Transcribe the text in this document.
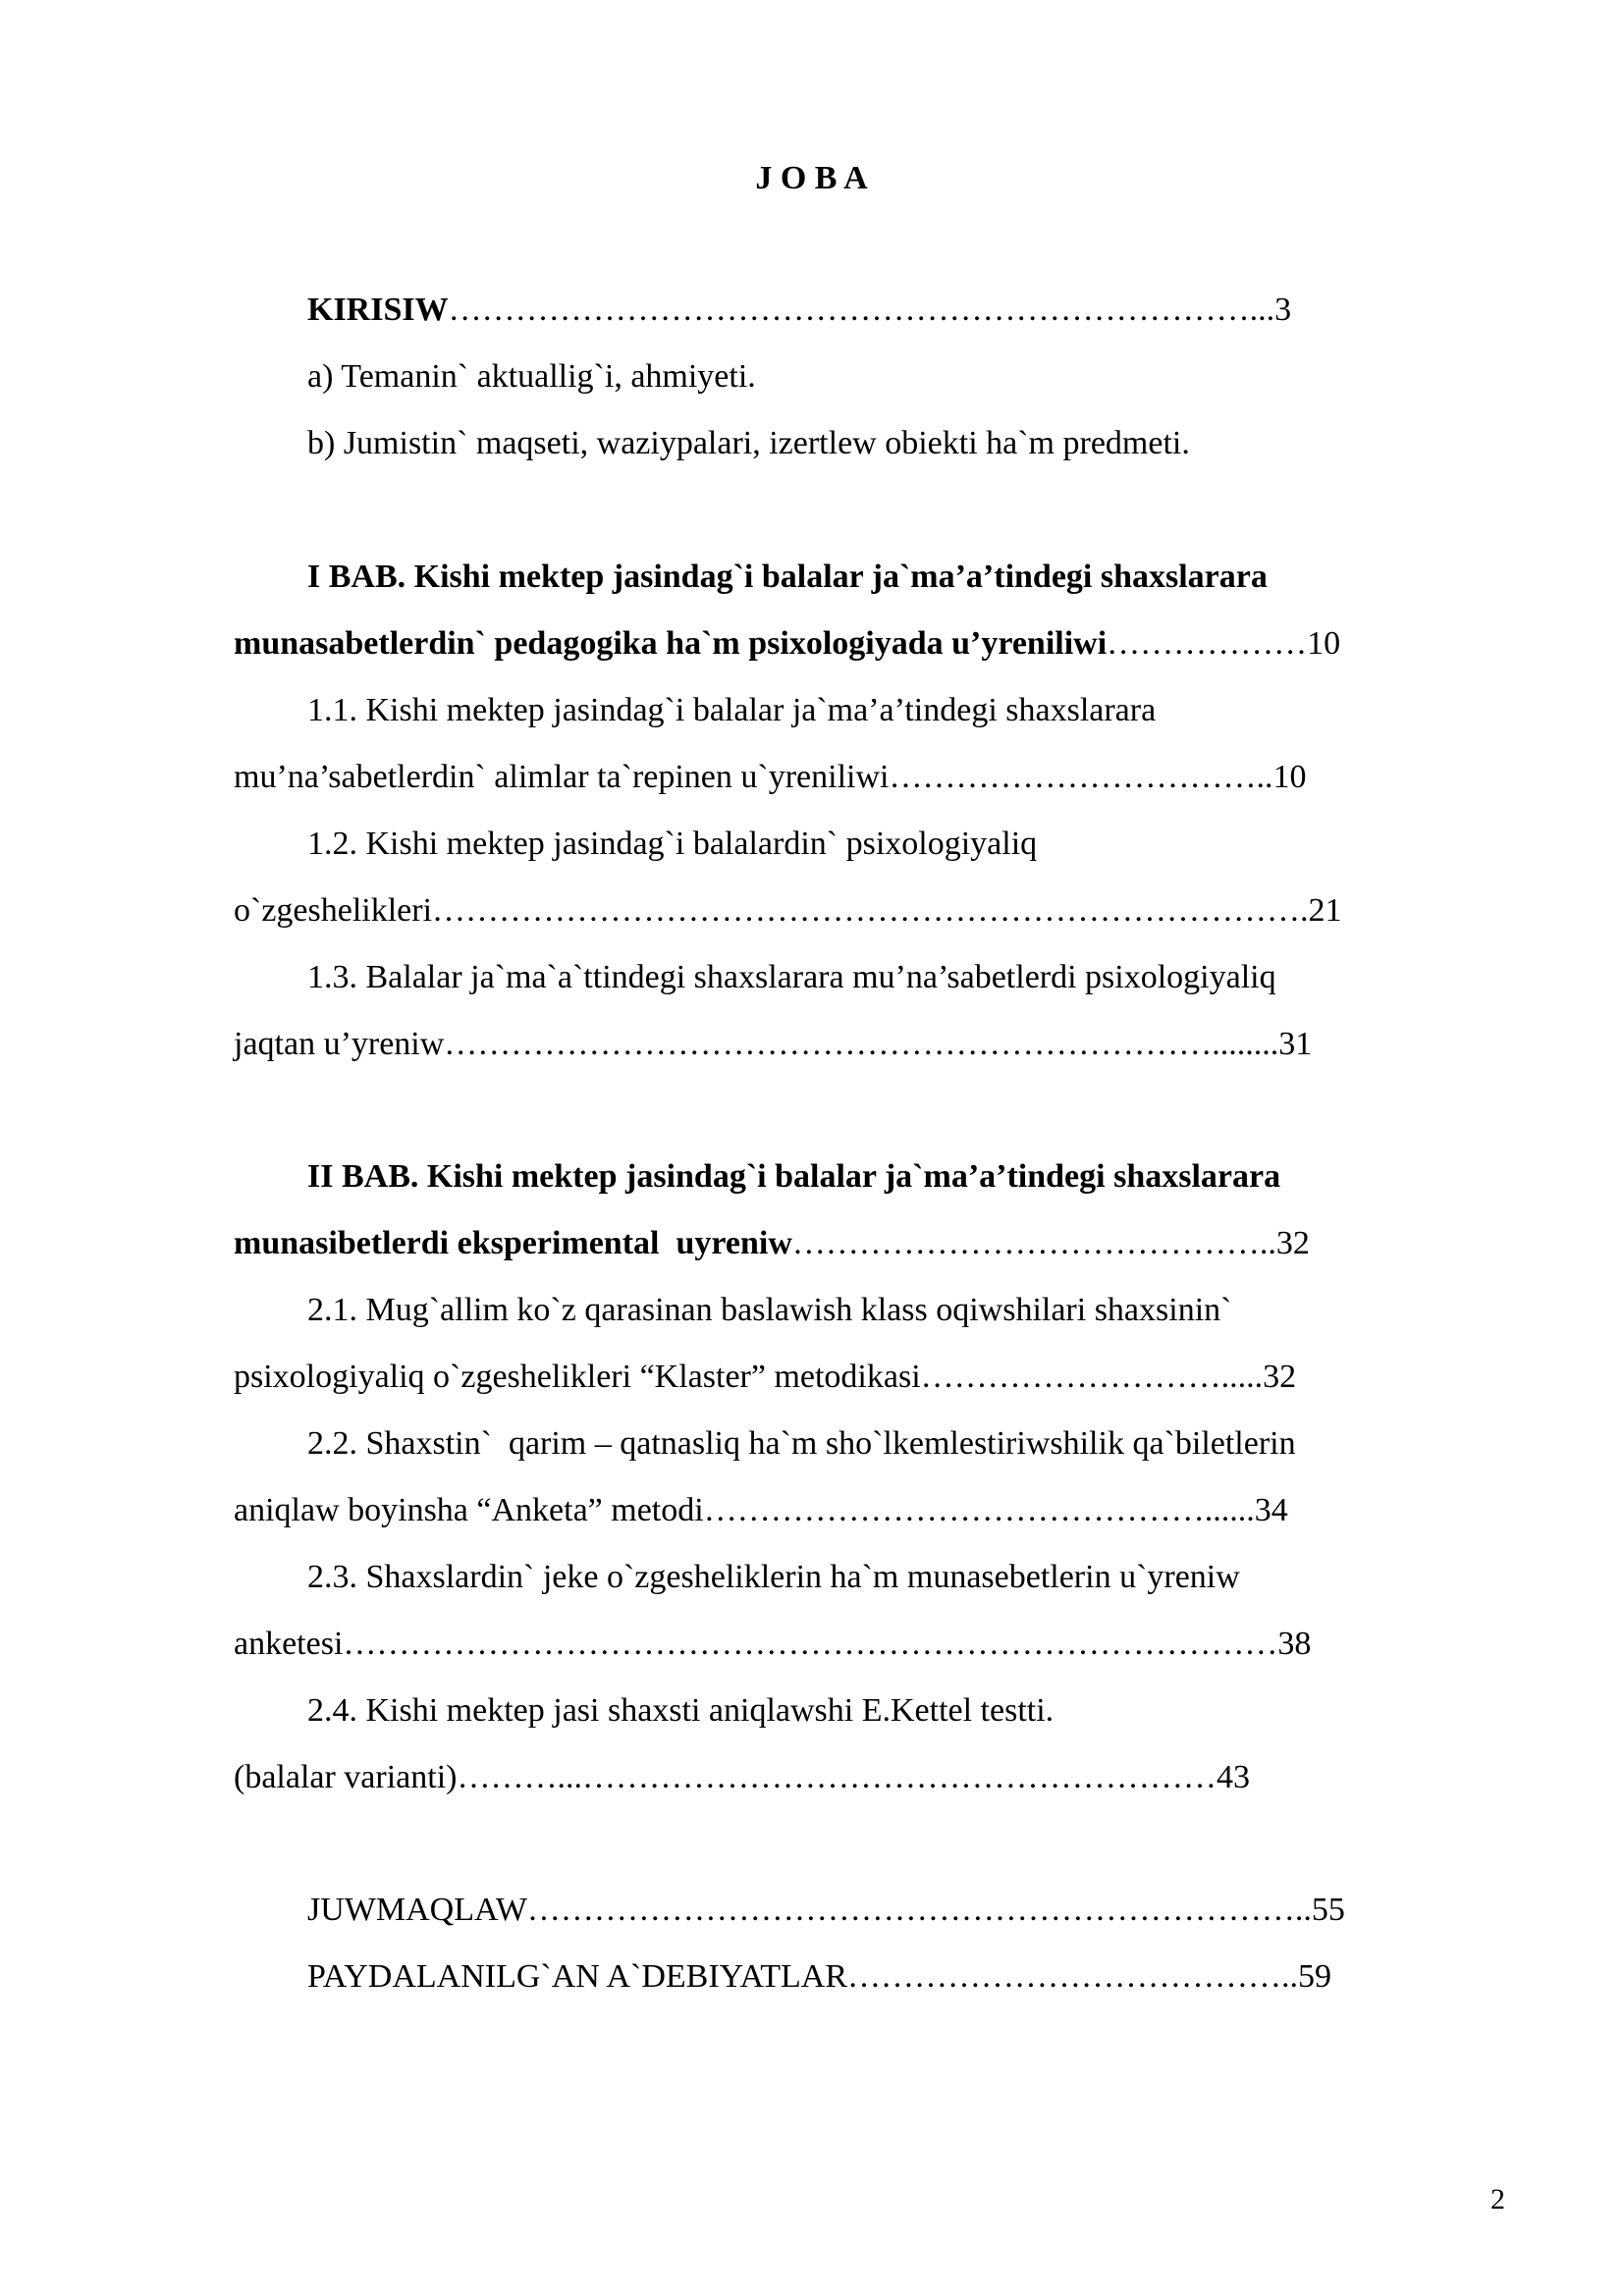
J O B A
KIRISIW………………………………………………………………...3
a) Temanin` aktuallig`i, ahmiyeti.
b) Jumistin` maqseti, waziypalari, izertlew obiekti ha`m predmeti.
I BAB. Kishi mektep jasindag`i balalar ja`ma’a’tindegi shaxslarara
munasabetlerdin` pedagogika ha`m psixologiyada u’yreniliwi………………10
1.1. Kishi mektep jasindag`i balalar ja`ma’a’tindegi shaxslarara
mu’na’sabetlerdin` alimlar ta`repinen u`yreniliwi……………………………..10
1.2. Kishi mektep jasindag`i balalardin` psixologiyaliq
o`zgeshelikleri…………………………………………………………………….21
1.3. Balalar ja`ma`a`ttindegi shaxslarara mu’na’sabetlerdi psixologiyaliq
jaqtan u’yreniw……………………………………………………………........31
II BAB. Kishi mektep jasindag`i balalar ja`ma’a’tindegi shaxslarara
munasibetlerdi eksperimental  uyreniw……………………………………..32
2.1. Mug`allim ko`z qarasinan baslawish klass oqiwshilari shaxsinin`
psixologiyaliq o`zgeshelikleri “Klaster” metodikasi……………………….....32
2.2. Shaxstin`  qarim – qatnasliq ha`m sho`lkemlestiriwshilik qa`biletlerin
aniqlaw boyinsha “Anketa” metodi………………………………………......34
2.3. Shaxslardin` jeke o`zgesheliklerin ha`m munasebetlerin u`yreniw
anketesi…………………………………………………………………………38
2.4. Kishi mektep jasi shaxsti aniqlawshi E.Kettel testti.
(balalar varianti)………...…………………………………………………43
JUWMAQLAW……………………………………………………………..55
PAYDALANILG`AN A`DEBIYATLAR…………………………………..59
2
